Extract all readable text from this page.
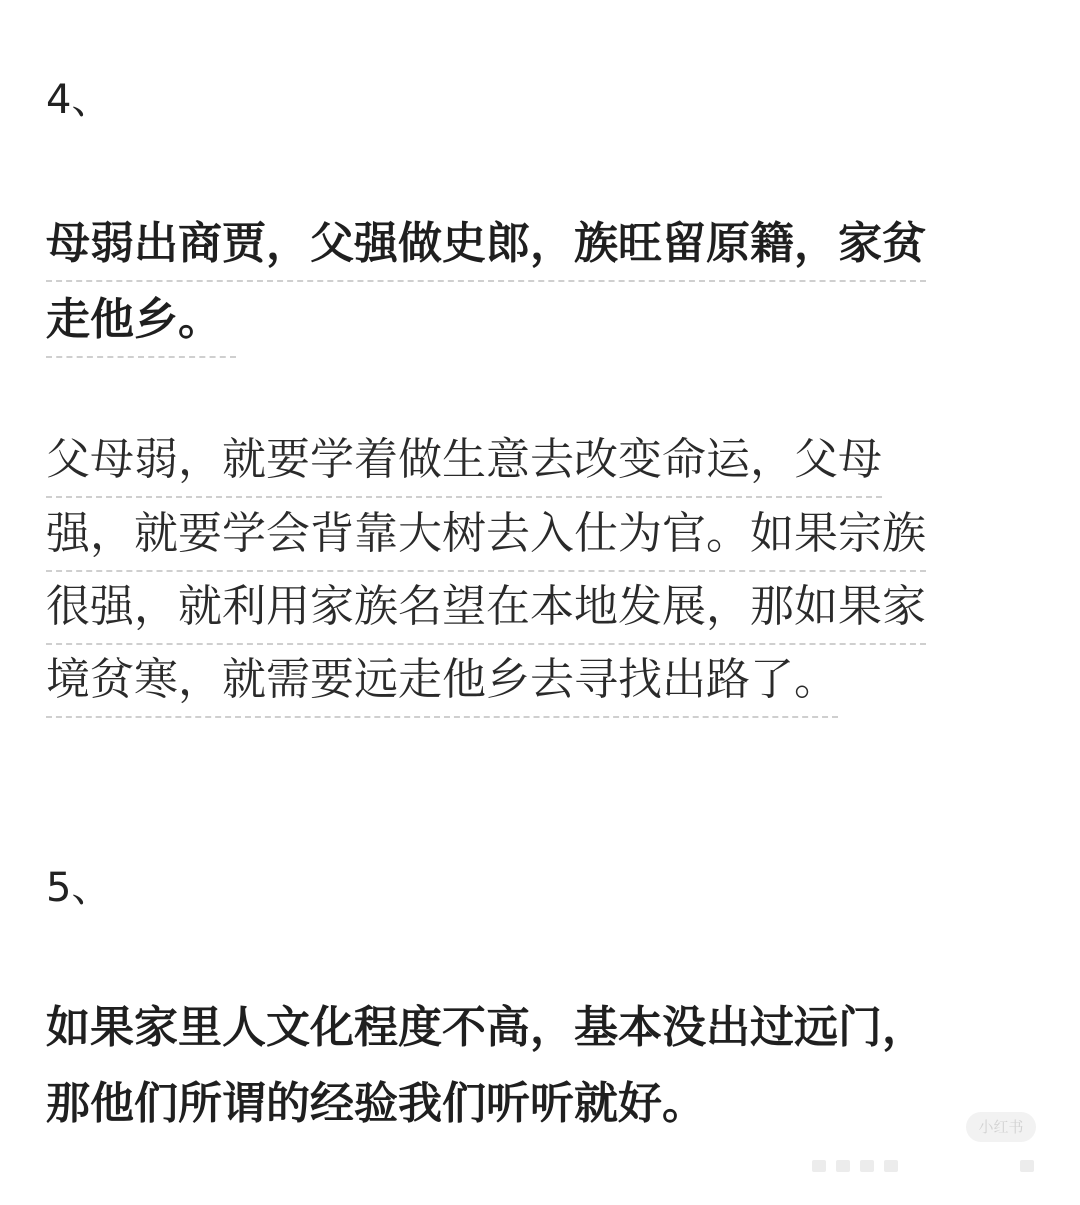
4、
母弱出商贾，父强做史郎，族旺留原籍，家贫
走他乡。
父母弱，就要学着做生意去改变命运，父母
强，就要学会背靠大树去入仕为官。如果宗族
很强，就利用家族名望在本地发展，那如果家
境贫寒，就需要远走他乡去寻找出路了。
5、
如果家里人文化程度不高，基本没出过远门，
那他们所谓的经验我们听听就好。	小红书
